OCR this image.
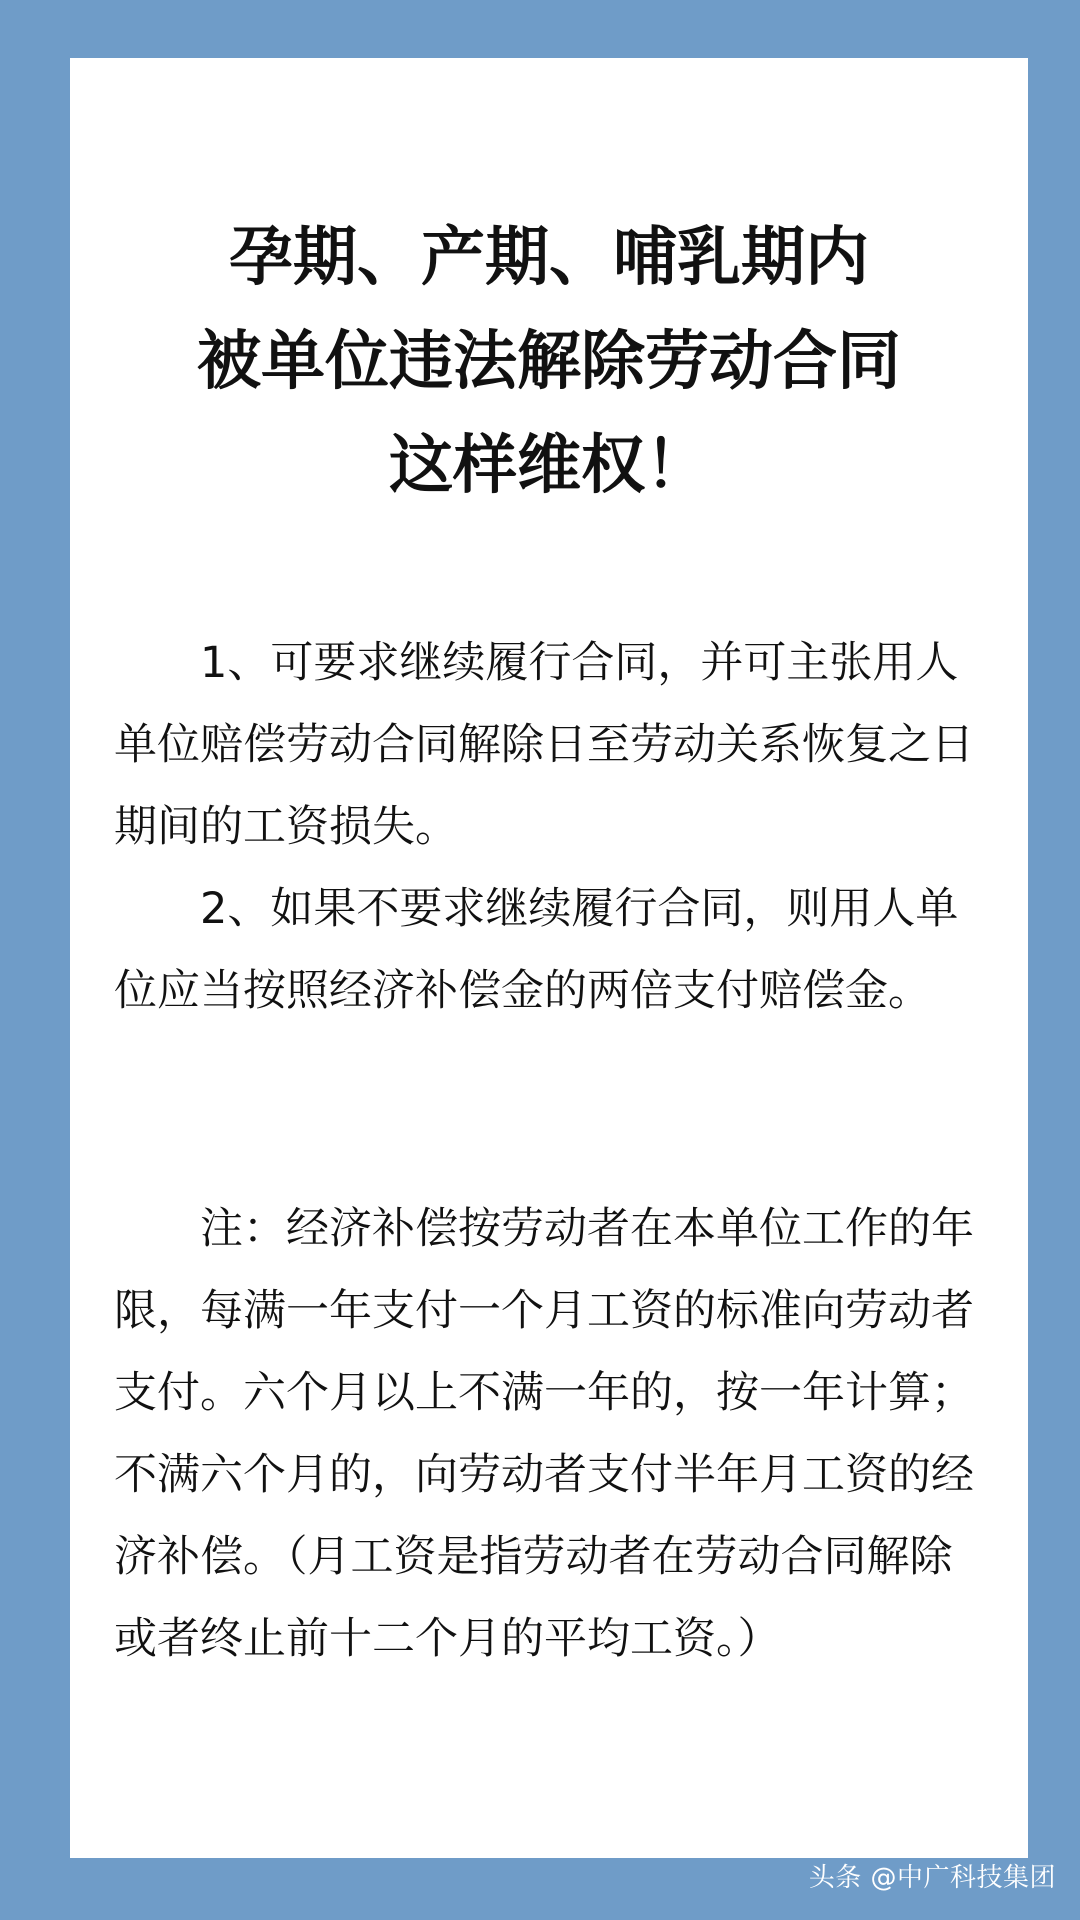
孕期、产期、哺乳期内
被单位违法解除劳动合同
这样维权！

1、可要求继续履行合同，并可主张用人单位赔偿劳动合同解除日至劳动关系恢复之日期间的工资损失。

2、如果不要求继续履行合同，则用人单位应当按照经济补偿金的两倍支付赔偿金。

注：经济补偿按劳动者在本单位工作的年限，每满一年支付一个月工资的标准向劳动者支付。六个月以上不满一年的，按一年计算；不满六个月的，向劳动者支付半年月工资的经济补偿。（月工资是指劳动者在劳动合同解除或者终止前十二个月的平均工资。）

头条 @中广科技集团
